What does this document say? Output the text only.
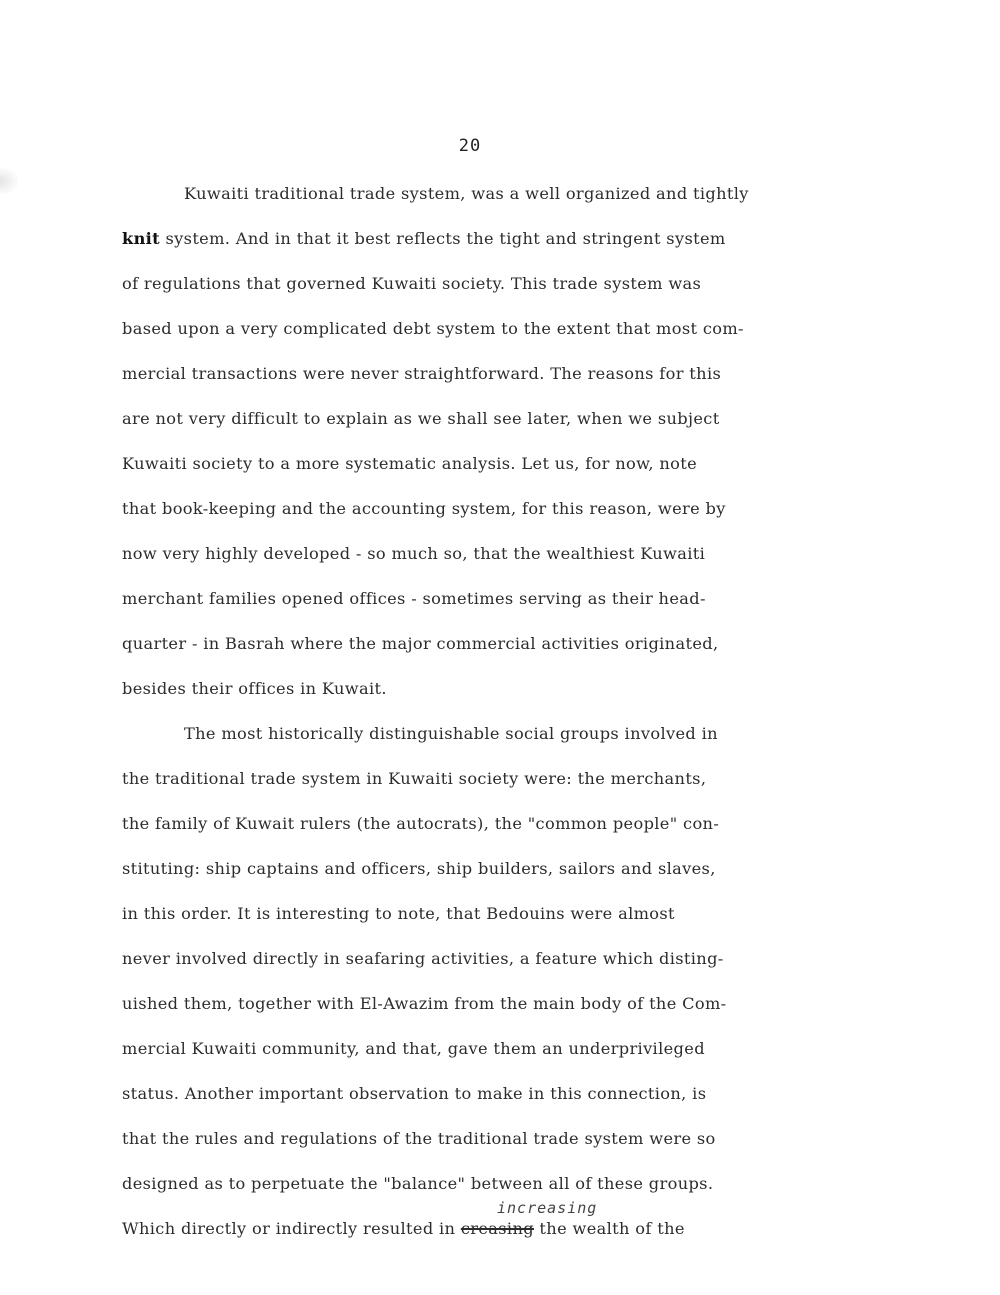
20
Kuwaiti traditional trade system, was a well organized and tightly
knit system. And in that it best reflects the tight and stringent system
of regulations that governed Kuwaiti society. This trade system was
based upon a very complicated debt system to the extent that most com-
mercial transactions were never straightforward. The reasons for this
are not very difficult to explain as we shall see later, when we subject
Kuwaiti society to a more systematic analysis. Let us, for now, note
that book-keeping and the accounting system, for this reason, were by
now very highly developed - so much so, that the wealthiest Kuwaiti
merchant families opened offices - sometimes serving as their head-
quarter - in Basrah where the major commercial activities originated,
besides their offices in Kuwait.
The most historically distinguishable social groups involved in
the traditional trade system in Kuwaiti society were: the merchants,
the family of Kuwait rulers (the autocrats), the "common people" con-
stituting: ship captains and officers, ship builders, sailors and slaves,
in this order. It is interesting to note, that Bedouins were almost
never involved directly in seafaring activities, a feature which disting-
uished them, together with El-Awazim from the main body of the Com-
mercial Kuwaiti community, and that, gave them an underprivileged
status. Another important observation to make in this connection, is
that the rules and regulations of the traditional trade system were so
designed as to perpetuate the "balance" between all of these groups.
Which directly or indirectly resulted in creasing the wealth of the
increasing
